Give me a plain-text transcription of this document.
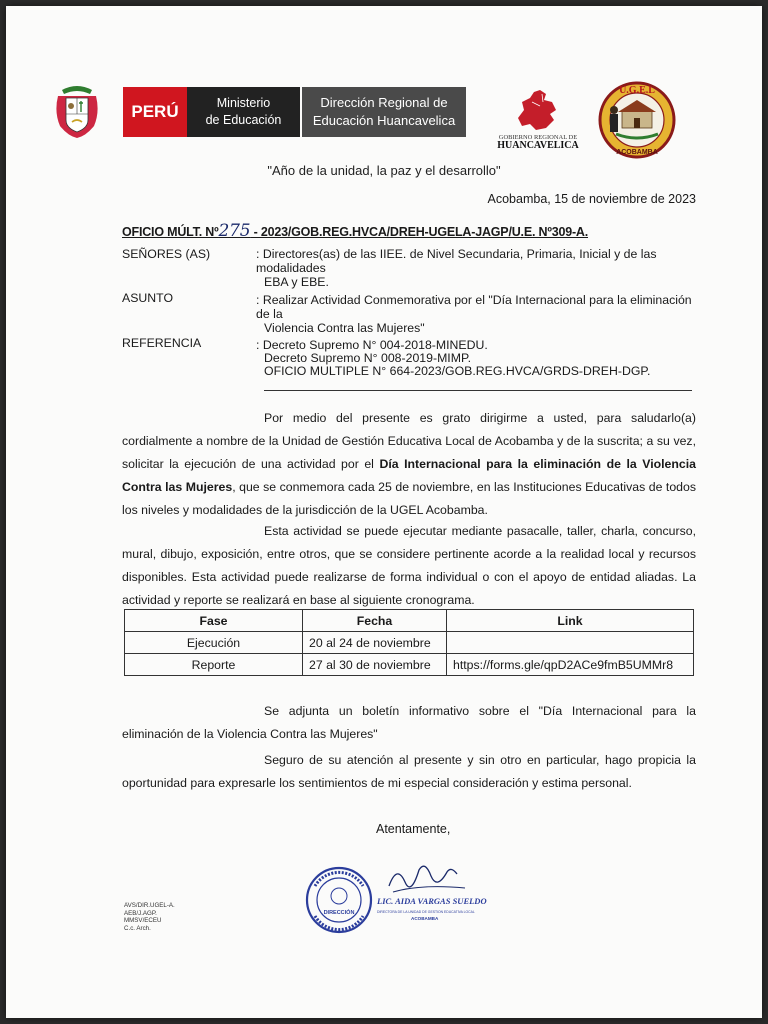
PERÚ	Ministerio
de Educación
Dirección Regional de
Educación Huancavelica
GOBIERNO REGIONAL DE
HUANCAVELICA
U.G.E.L
ACOBAMBA
"Año de la unidad, la paz y el desarrollo"
Acobamba, 15 de noviembre de 2023
OFICIO MÚLT. Nº275 - 2023/GOB.REG.HVCA/DREH-UGELA-JAGP/U.E. Nº309-A.
SEÑORES (AS)	: Directores(as) de las IIEE. de Nivel Secundaria, Primaria, Inicial y de las modalidades
EBA y EBE.
ASUNTO	: Realizar Actividad Conmemorativa por el "Día Internacional para la eliminación de la
Violencia Contra las Mujeres"
REFERENCIA	: Decreto Supremo N° 004-2018-MINEDU.
Decreto Supremo N° 008-2019-MIMP.
OFICIO MULTIPLE N° 664-2023/GOB.REG.HVCA/GRDS-DREH-DGP.

Por medio del presente es grato dirigirme a usted, para saludarlo(a) cordialmente a nombre de la Unidad de Gestión Educativa Local de Acobamba y de la suscrita; a su vez, solicitar la ejecución de una actividad por el Día Internacional para la eliminación de la Violencia Contra las Mujeres, que se conmemora cada 25 de noviembre, en las Instituciones Educativas de todos los niveles y modalidades de la jurisdicción de la UGEL Acobamba.

Esta actividad se puede ejecutar mediante pasacalle, taller, charla, concurso, mural, dibujo, exposición, entre otros, que se considere pertinente acorde a la realidad local y recursos disponibles. Esta actividad puede realizarse de forma individual o con el apoyo de entidad aliadas. La actividad y reporte se realizará en base al siguiente cronograma.

Fase	Fecha	Link
Ejecución	20 al 24 de noviembre	
Reporte	27 al 30 de noviembre	https://forms.gle/qpD2ACe9fmB5UMMr8

Se adjunta un boletín informativo sobre el "Día Internacional para la eliminación de la Violencia Contra las Mujeres"

Seguro de su atención al presente y sin otro en particular, hago propicia la oportunidad para expresarle los sentimientos de mi especial consideración y estima personal.

Atentamente,
DIRECCIÓN
LIC. AIDA VARGAS SUELDO
DIRECTORA DE LA UNIDAD DE GESTION EDUCATIVA LOCAL
ACOBAMBA
AVS/DIR.UGEL-A.
AEB/J.AGP.
MMSV/ECEU
C.c. Arch.
